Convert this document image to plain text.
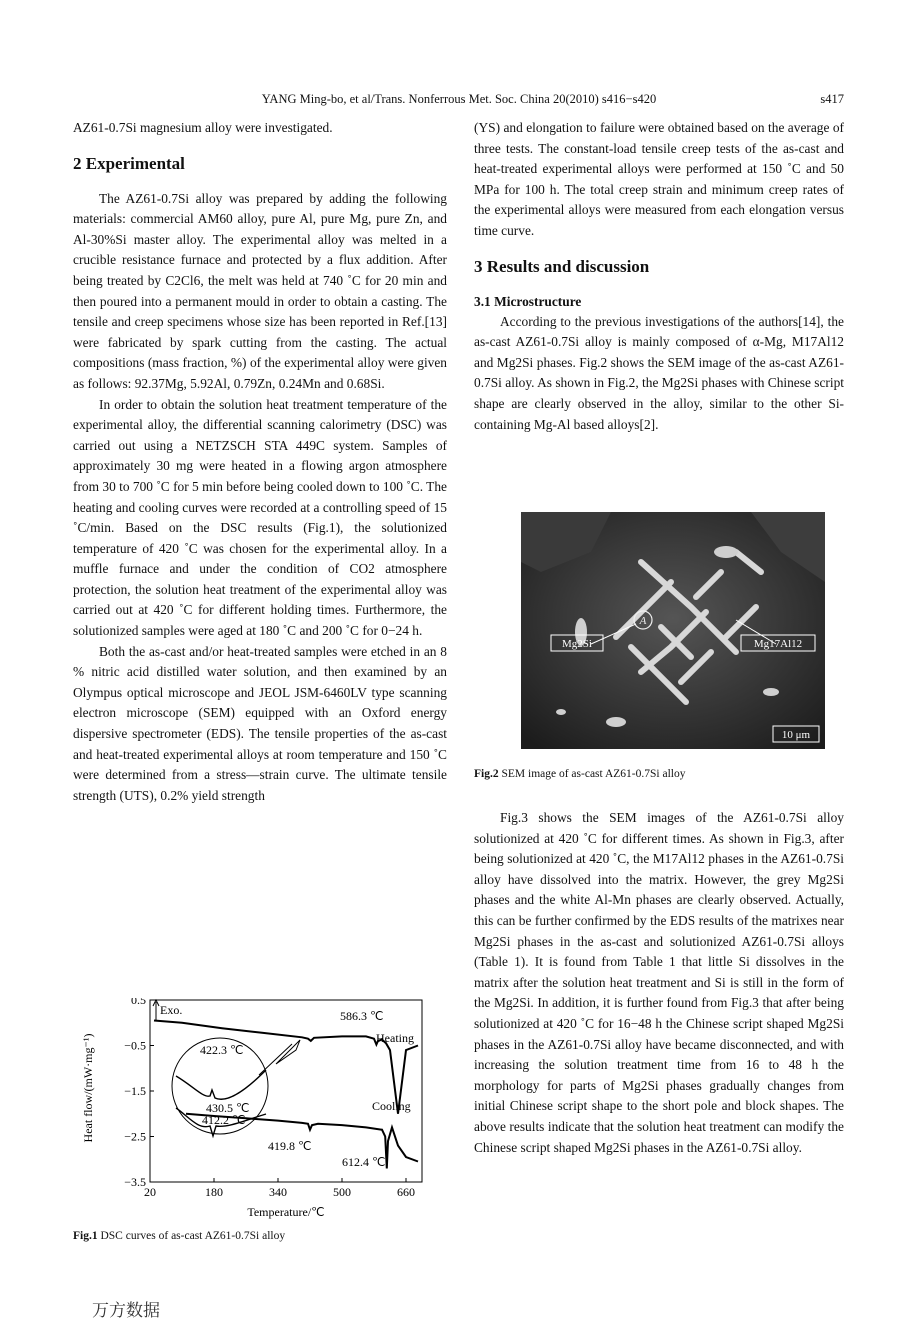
YANG Ming-bo, et al/Trans. Nonferrous Met. Soc. China 20(2010) s416−s420	s417

AZ61-0.7Si magnesium alloy were investigated.

2 Experimental

The AZ61-0.7Si alloy was prepared by adding the following materials: commercial AM60 alloy, pure Al, pure Mg, pure Zn, and Al-30%Si master alloy. The experimental alloy was melted in a crucible resistance furnace and protected by a flux addition. After being treated by C2Cl6, the melt was held at 740 ˚C for 20 min and then poured into a permanent mould in order to obtain a casting. The tensile and creep specimens whose size has been reported in Ref.[13] were fabricated by spark cutting from the casting. The actual compositions (mass fraction, %) of the experimental alloy were given as follows: 92.37Mg, 5.92Al, 0.79Zn, 0.24Mn and 0.68Si.

In order to obtain the solution heat treatment temperature of the experimental alloy, the differential scanning calorimetry (DSC) was carried out using a NETZSCH STA 449C system. Samples of approximately 30 mg were heated in a flowing argon atmosphere from 30 to 700 ˚C for 5 min before being cooled down to 100 ˚C. The heating and cooling curves were recorded at a controlling speed of 15 ˚C/min. Based on the DSC results (Fig.1), the solutionized temperature of 420 ˚C was chosen for the experimental alloy. In a muffle furnace and under the condition of CO2 atmosphere protection, the solution heat treatment of the experimental alloy was carried out at 420 ˚C for different holding times. Furthermore, the solutionized samples were aged at 180 ˚C and 200 ˚C for 0−24 h.

Both the as-cast and/or heat-treated samples were etched in an 8 % nitric acid distilled water solution, and then examined by an Olympus optical microscope and JEOL JSM-6460LV type scanning electron microscope (SEM) equipped with an Oxford energy dispersive spectrometer (EDS). The tensile properties of the as-cast and heat-treated experimental alloys at room temperature and 150 ˚C were determined from a stress—strain curve. The ultimate tensile strength (UTS), 0.2% yield strength

(YS) and elongation to failure were obtained based on the average of three tests. The constant-load tensile creep tests of the as-cast and heat-treated experimental alloys were performed at 150 ˚C and 50 MPa for 100 h. The total creep strain and minimum creep rates of the experimental alloys were measured from each elongation versus time curve.

3 Results and discussion
3.1 Microstructure

According to the previous investigations of the authors[14], the as-cast AZ61-0.7Si alloy is mainly composed of α-Mg, M17Al12 and Mg2Si phases. Fig.2 shows the SEM image of the as-cast AZ61-0.7Si alloy. As shown in Fig.2, the Mg2Si phases with Chinese script shape are clearly observed in the alloy, similar to the other Si-containing Mg-Al based alloys[2].

A
Mg2Si	Mg17Al12
10 μm
Fig.2 SEM image of as-cast AZ61-0.7Si alloy

Fig.3 shows the SEM images of the AZ61-0.7Si alloy solutionized at 420 ˚C for different times. As shown in Fig.3, after being solutionized at 420 ˚C, the M17Al12 phases in the AZ61-0.7Si alloy have dissolved into the matrix. However, the grey Mg2Si phases and the white Al-Mn phases are clearly observed. Actually, this can be further confirmed by the EDS results of the matrixes near Mg2Si phases in the as-cast and solutionized AZ61-0.7Si alloys (Table 1). It is found from Table 1 that little Si dissolves in the matrix after the solution heat treatment and Si is still in the form of the Mg2Si. In addition, it is further found from Fig.3 that after being solutionized at 420 ˚C for 16−48 h the Chinese script shaped Mg2Si phases in the AZ61-0.7Si alloy have became disconnected, and with increasing the solution treatment time from 16 to 48 h the morphology for parts of Mg2Si phases gradually changes from initial Chinese script shape to the short pole and block shapes. The above results indicate that the solution heat treatment can modify the Chinese script shaped Mg2Si phases in the AZ61-0.7Si alloy.

20	180	340	500	660
0.5
−0.5
−1.5
−2.5
−3.5
Heat flow/(mW·mg⁻¹)
Temperature/℃
Exo.	586.3 ℃
422.3 ℃
430.5 ℃
412.2 ℃
419.8 ℃
612.4 ℃
Heating
Cooling
Fig.1 DSC curves of as-cast AZ61-0.7Si alloy
万方数据
